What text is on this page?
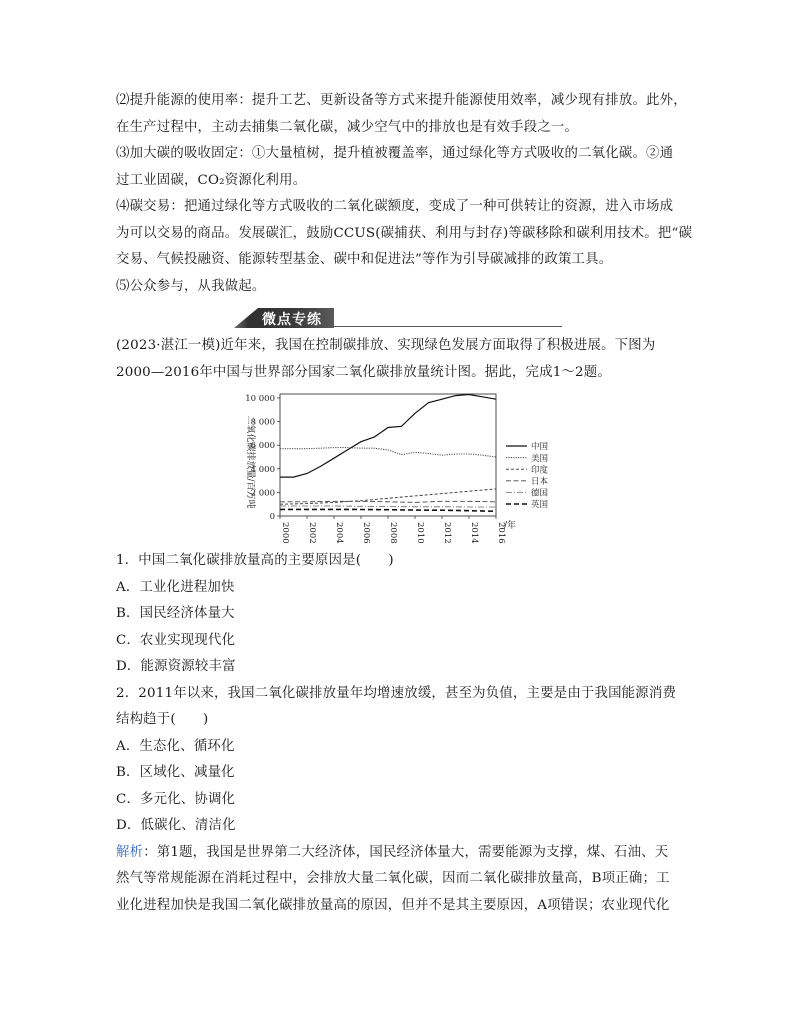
⑵提升能源的使用率：提升工艺、更新设备等方式来提升能源使用效率，减少现有排放。此外，
在生产过程中，主动去捕集二氧化碳，减少空气中的排放也是有效手段之一。
⑶加大碳的吸收固定：①大量植树，提升植被覆盖率，通过绿化等方式吸收的二氧化碳。②通
过工业固碳，CO₂资源化利用。
⑷碳交易：把通过绿化等方式吸收的二氧化碳额度，变成了一种可供转让的资源，进入市场成
为可以交易的商品。发展碳汇，鼓励CCUS(碳捕获、利用与封存)等碳移除和碳利用技术。把“碳
交易、气候投融资、能源转型基金、碳中和促进法”等作为引导碳减排的政策工具。
⑸公众参与，从我做起。
微点专练
(2023·湛江一模)近年来，我国在控制碳排放、实现绿色发展方面取得了积极进展。下图为
2000—2016年中国与世界部分国家二氧化碳排放量统计图。据此，完成1～2题。
0
2 000
4 000
6 000
8 000
10 000
2000 2002 2004 2006 2008 2010 2012 2014 2016
中国
美国
印度
日本
德国
英国
二氧化碳排放量/百万吨
/年
1．中国二氧化碳排放量高的主要原因是(　　)
A．工业化进程加快
B．国民经济体量大
C．农业实现现代化
D．能源资源较丰富
2．2011年以来，我国二氧化碳排放量年均增速放缓，甚至为负值，主要是由于我国能源消费
结构趋于(　　)
A．生态化、循环化
B．区域化、减量化
C．多元化、协调化
D．低碳化、清洁化
解析：第1题，我国是世界第二大经济体，国民经济体量大，需要能源为支撑，煤、石油、天
然气等常规能源在消耗过程中，会排放大量二氧化碳，因而二氧化碳排放量高，B项正确；工
业化进程加快是我国二氧化碳排放量高的原因，但并不是其主要原因，A项错误；农业现代化
